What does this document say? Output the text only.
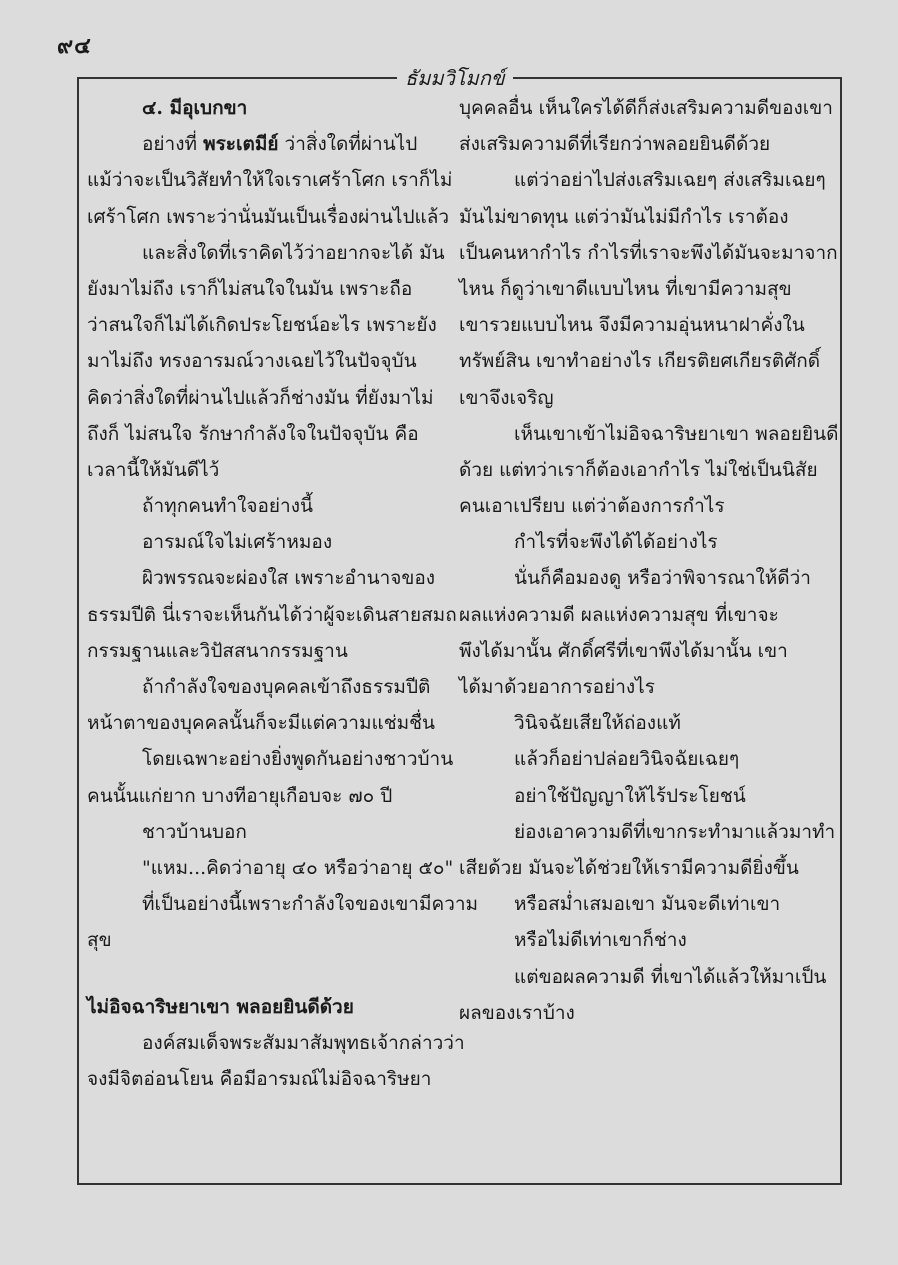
๙๔
ธัมมวิโมกข์
๔. มีอุเบกขา
อย่างที่ พระเตมีย์ ว่าสิ่งใดที่ผ่านไป
แม้ว่าจะเป็นวิสัยทำให้ใจเราเศร้าโศก เราก็ไม่
เศร้าโศก เพราะว่านั่นมันเป็นเรื่องผ่านไปแล้ว
และสิ่งใดที่เราคิดไว้ว่าอยากจะได้ มัน
ยังมาไม่ถึง เราก็ไม่สนใจในมัน เพราะถือ
ว่าสนใจก็ไม่ได้เกิดประโยชน์อะไร เพราะยัง
มาไม่ถึง ทรงอารมณ์วางเฉยไว้ในปัจจุบัน
คิดว่าสิ่งใดที่ผ่านไปแล้วก็ช่างมัน ที่ยังมาไม่
ถึงก็ ไม่สนใจ รักษากำลังใจในปัจจุบัน คือ
เวลานี้ให้มันดีไว้
ถ้าทุกคนทำใจอย่างนี้
อารมณ์ใจไม่เศร้าหมอง
ผิวพรรณจะผ่องใส เพราะอำนาจของ
ธรรมปีติ นี่เราจะเห็นกันได้ว่าผู้จะเดินสายสมถ
กรรมฐานและวิปัสสนากรรมฐาน
ถ้ากำลังใจของบุคคลเข้าถึงธรรมปีติ
หน้าตาของบุคคลนั้นก็จะมีแต่ความแช่มชื่น
โดยเฉพาะอย่างยิ่งพูดกันอย่างชาวบ้าน
คนนั้นแก่ยาก บางทีอายุเกือบจะ ๗๐ ปี
ชาวบ้านบอก
"แหม...คิดว่าอายุ ๔๐ หรือว่าอายุ ๕๐"
ที่เป็นอย่างนี้เพราะกำลังใจของเขามีความ
สุข
ไม่อิจฉาริษยาเขา พลอยยินดีด้วย
องค์สมเด็จพระสัมมาสัมพุทธเจ้ากล่าวว่า
จงมีจิตอ่อนโยน คือมีอารมณ์ไม่อิจฉาริษยา
บุคคลอื่น เห็นใครได้ดีก็ส่งเสริมความดีของเขา
ส่งเสริมความดีที่เรียกว่าพลอยยินดีด้วย
แต่ว่าอย่าไปส่งเสริมเฉยๆ ส่งเสริมเฉยๆ
มันไม่ขาดทุน แต่ว่ามันไม่มีกำไร เราต้อง
เป็นคนหากำไร กำไรที่เราจะพึงได้มันจะมาจาก
ไหน ก็ดูว่าเขาดีแบบไหน ที่เขามีความสุข
เขารวยแบบไหน จึงมีความอุ่นหนาฝาคั่งใน
ทรัพย์สิน เขาทำอย่างไร เกียรติยศเกียรติศักดิ์
เขาจึงเจริญ
เห็นเขาเข้าไม่อิจฉาริษยาเขา พลอยยินดี
ด้วย แต่ทว่าเราก็ต้องเอากำไร ไม่ใช่เป็นนิสัย
คนเอาเปรียบ แต่ว่าต้องการกำไร
กำไรที่จะพึงได้ได้อย่างไร
นั่นก็คือมองดู หรือว่าพิจารณาให้ดีว่า
ผลแห่งความดี ผลแห่งความสุข ที่เขาจะ
พึงได้มานั้น ศักดิ์ศรีที่เขาพึงได้มานั้น เขา
ได้มาด้วยอาการอย่างไร
วินิจฉัยเสียให้ถ่องแท้
แล้วก็อย่าปล่อยวินิจฉัยเฉยๆ
อย่าใช้ปัญญาให้ไร้ประโยชน์
ย่องเอาความดีที่เขากระทำมาแล้วมาทำ
เสียด้วย มันจะได้ช่วยให้เรามีความดียิ่งขึ้น
หรือสม่ำเสมอเขา มันจะดีเท่าเขา
หรือไม่ดีเท่าเขาก็ช่าง
แต่ขอผลความดี ที่เขาได้แล้วให้มาเป็น
ผลของเราบ้าง
